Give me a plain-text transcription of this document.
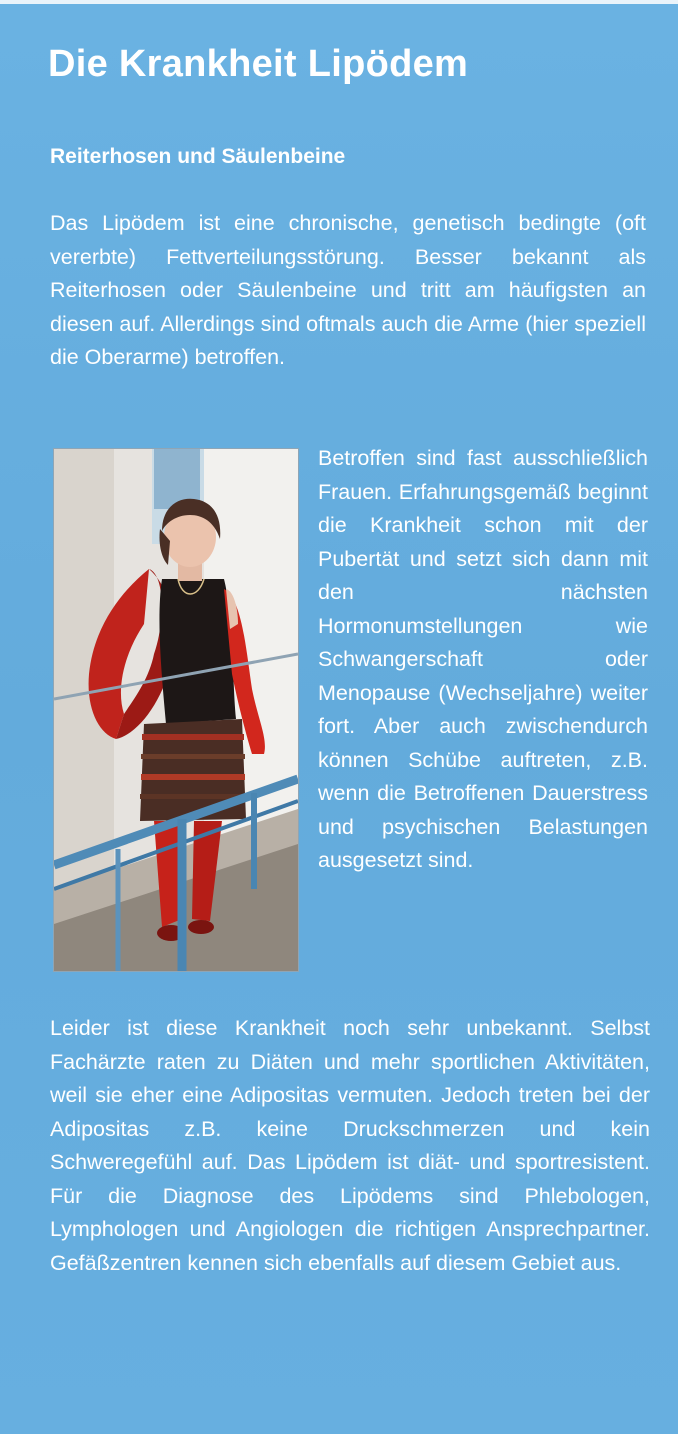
Die Krankheit Lipödem
Reiterhosen und Säulenbeine

Das Lipödem ist eine chronische, genetisch bedingte (oft vererbte) Fettverteilungsstörung. Besser bekannt als Reiterhosen oder Säulenbeine und tritt am häufigsten an diesen auf. Allerdings sind oftmals auch die Arme (hier speziell die Oberarme) betroffen.

Betroffen sind fast ausschließlich Frauen. Erfahrungsgemäß beginnt die Krankheit schon mit der Pubertät und setzt sich dann mit den nächsten Hormonumstellungen wie Schwangerschaft oder Menopause (Wechseljahre) weiter fort. Aber auch zwischendurch können Schübe auftreten, z.B. wenn die Betroffenen Dauerstress und psychischen Belastungen ausgesetzt sind.

Leider ist diese Krankheit noch sehr unbekannt. Selbst Fachärzte raten zu Diäten und mehr sportlichen Aktivitäten, weil sie eher eine Adipositas vermuten. Jedoch treten bei der Adipositas z.B. keine Druckschmerzen und kein Schweregefühl auf. Das Lipödem ist diät- und sportresistent. Für die Diagnose des Lipödems sind Phlebologen, Lymphologen und Angiologen die richtigen Ansprechpartner. Gefäßzentren kennen sich ebenfalls auf diesem Gebiet aus.
